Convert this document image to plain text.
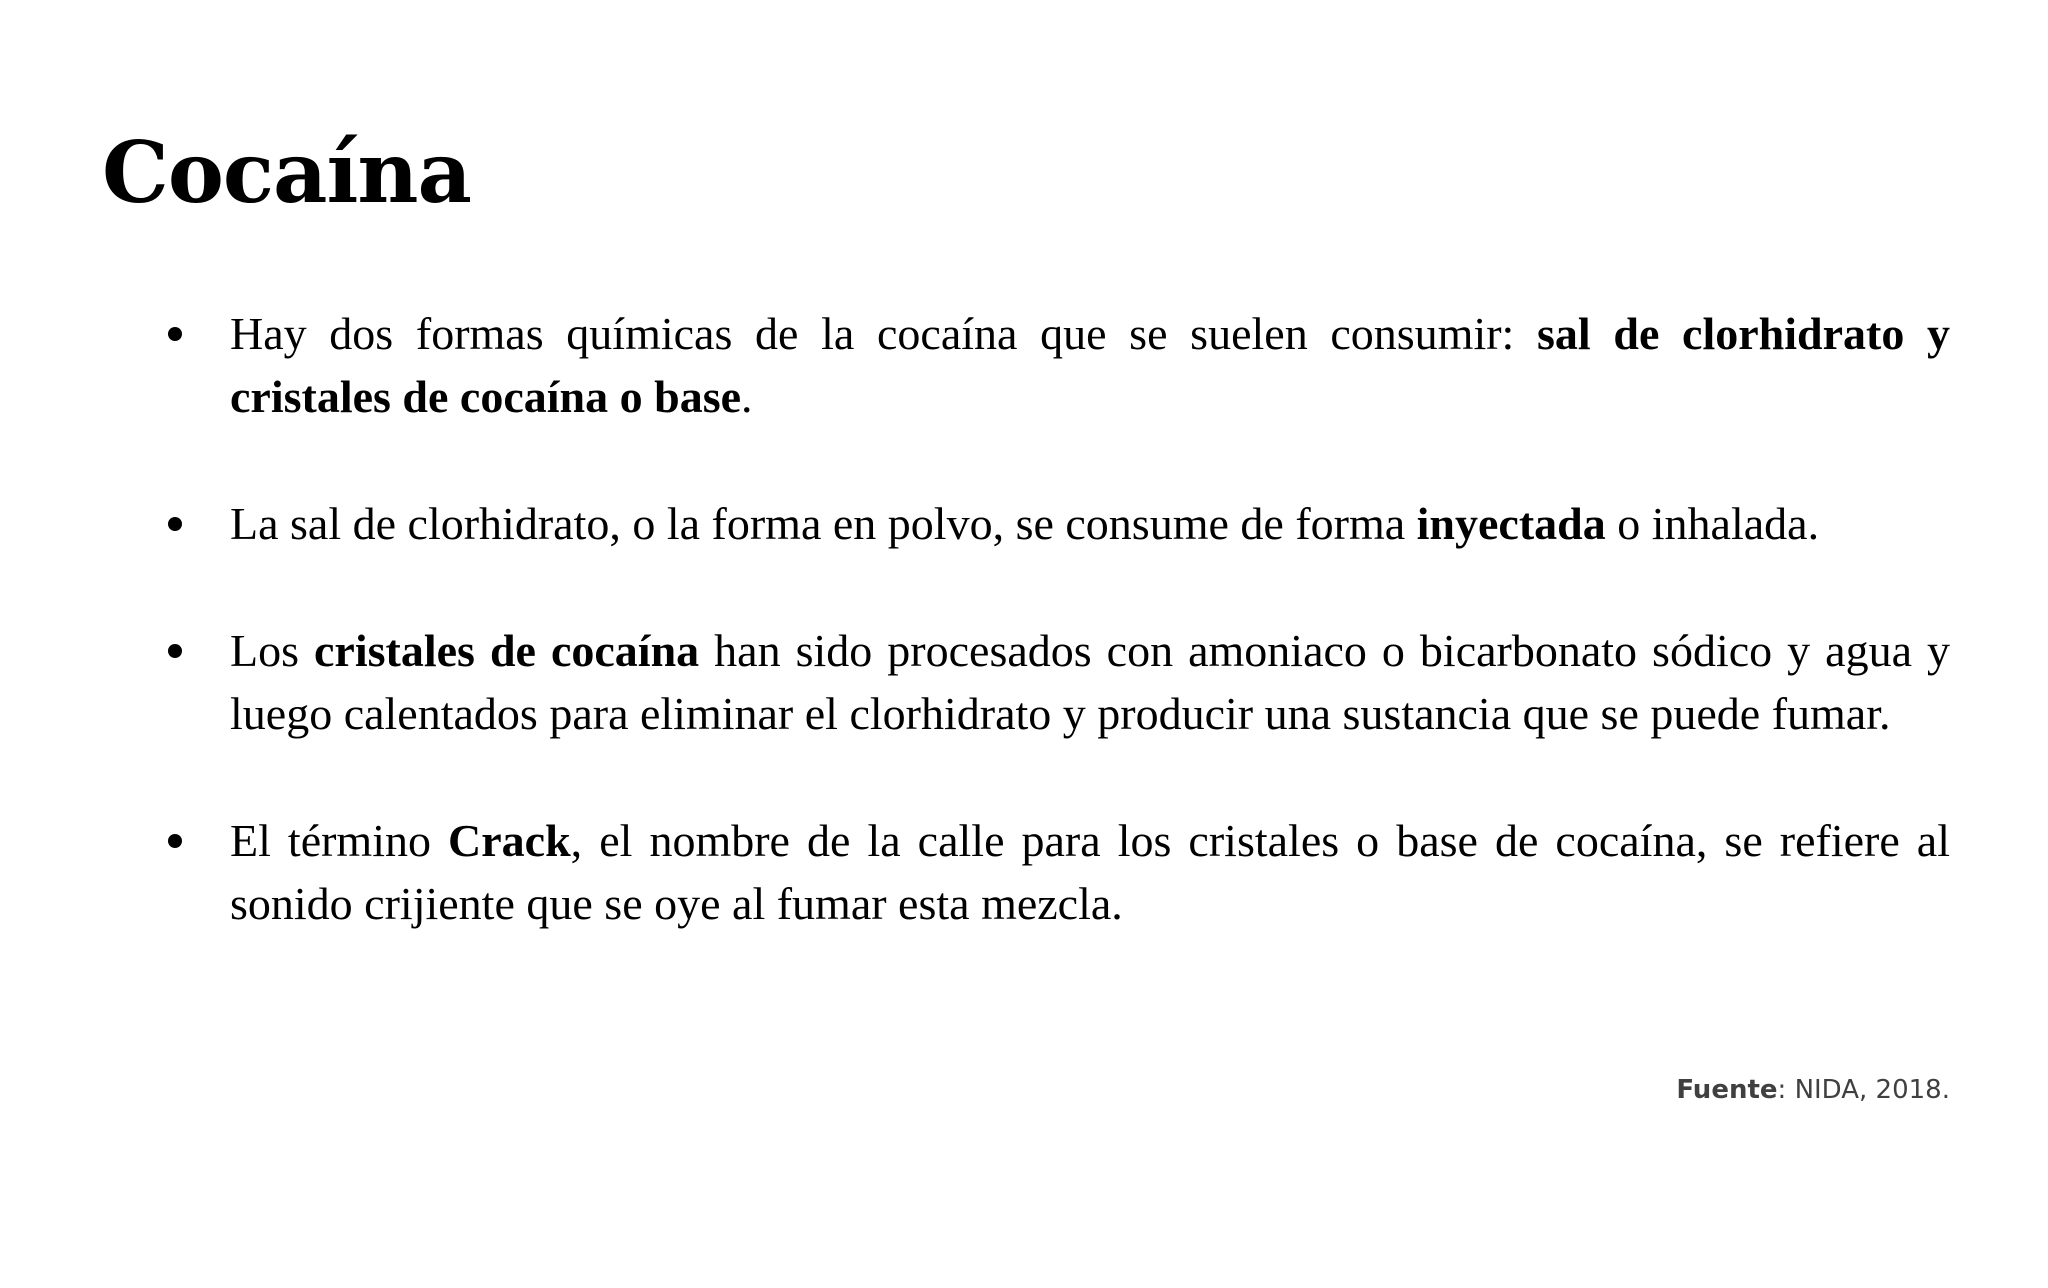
Cocaína
Hay dos formas químicas de la cocaína que se suelen consumir: sal de clorhidrato y cristales de cocaína o base.
La sal de clorhidrato, o la forma en polvo, se consume de forma inyectada o inhalada.
Los cristales de cocaína han sido procesados con amoniaco o bicarbonato sódico y agua y luego calentados para eliminar el clorhidrato y producir una sustancia que se puede fumar.
El término Crack, el nombre de la calle para los cristales o base de cocaína, se refiere al sonido crijiente que se oye al fumar esta mezcla.
Fuente: NIDA, 2018.
